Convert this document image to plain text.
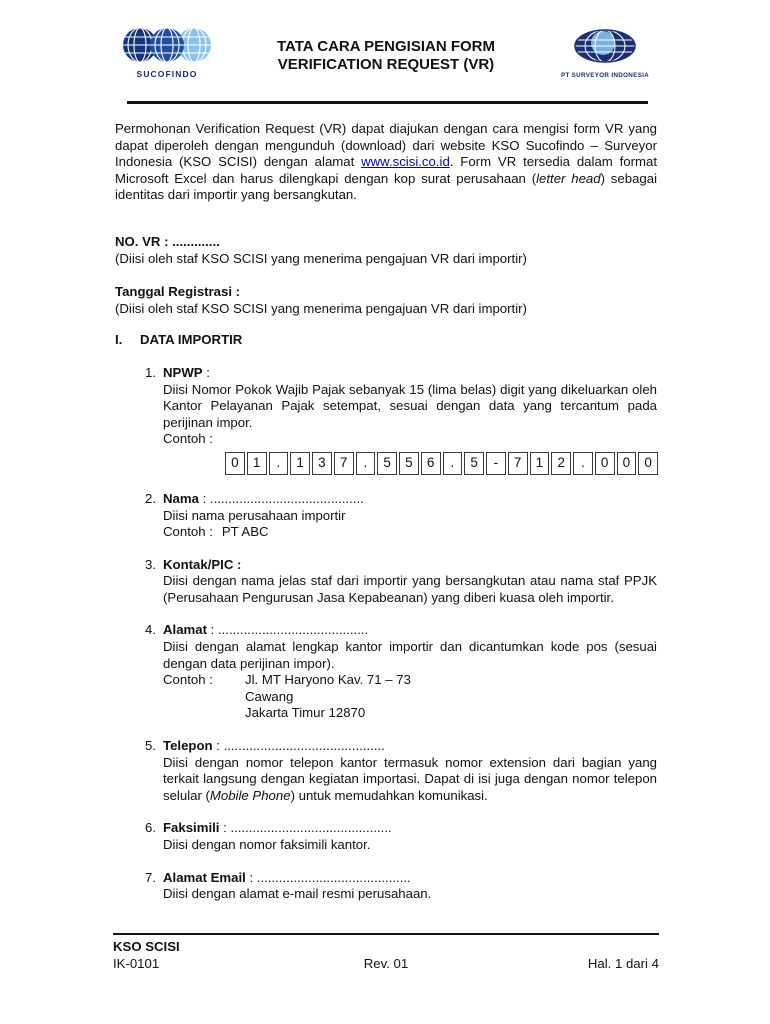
SUCOFINDO
TATA CARA PENGISIAN FORM
VERIFICATION REQUEST (VR)
PT SURVEYOR INDONESIA

Permohonan Verification Request (VR) dapat diajukan dengan cara mengisi form VR yang dapat diperoleh dengan mengunduh (download) dari website KSO Sucofindo – Surveyor Indonesia (KSO SCISI) dengan alamat www.scisi.co.id. Form VR tersedia dalam format Microsoft Excel dan harus dilengkapi dengan kop surat perusahaan (letter head) sebagai identitas dari importir yang bersangkutan.

NO. VR : .............
(Diisi oleh staf KSO SCISI yang menerima pengajuan VR dari importir)
Tanggal Registrasi :
(Diisi oleh staf KSO SCISI yang menerima pengajuan VR dari importir)
I.	DATA IMPORTIR
1. NPWP :

Diisi Nomor Pokok Wajib Pajak sebanyak 15 (lima belas) digit yang dikeluarkan oleh Kantor Pelayanan Pajak setempat, sesuai dengan data yang tercantum pada perijinan impor.

Contoh :

0	1	.	1	3	7	.	5	5	6	.	5	-	7	1	2	.	0	0	0
2. Nama : ..........................................

Diisi nama perusahaan importir

Contoh : PT ABC

3. Kontak/PIC :

Diisi dengan nama jelas staf dari importir yang bersangkutan atau nama staf PPJK (Perusahaan Pengurusan Jasa Kepabeanan) yang diberi kuasa oleh importir.

4. Alamat : .........................................

Diisi dengan alamat lengkap kantor importir dan dicantumkan kode pos (sesuai dengan data perijinan impor).

Contoh :	Jl. MT Haryono Kav. 71 – 73
Cawang
Jakarta Timur 12870
5. Telepon : ............................................

Diisi dengan nomor telepon kantor termasuk nomor extension dari bagian yang terkait langsung dengan kegiatan importasi. Dapat di isi juga dengan nomor telepon selular (Mobile Phone) untuk memudahkan komunikasi.

6. Faksimili : ............................................

Diisi dengan nomor faksimili kantor.

7. Alamat Email : ..........................................

Diisi dengan alamat e-mail resmi perusahaan.

KSO SCISI
IK-0101	Rev. 01	Hal. 1 dari 4
